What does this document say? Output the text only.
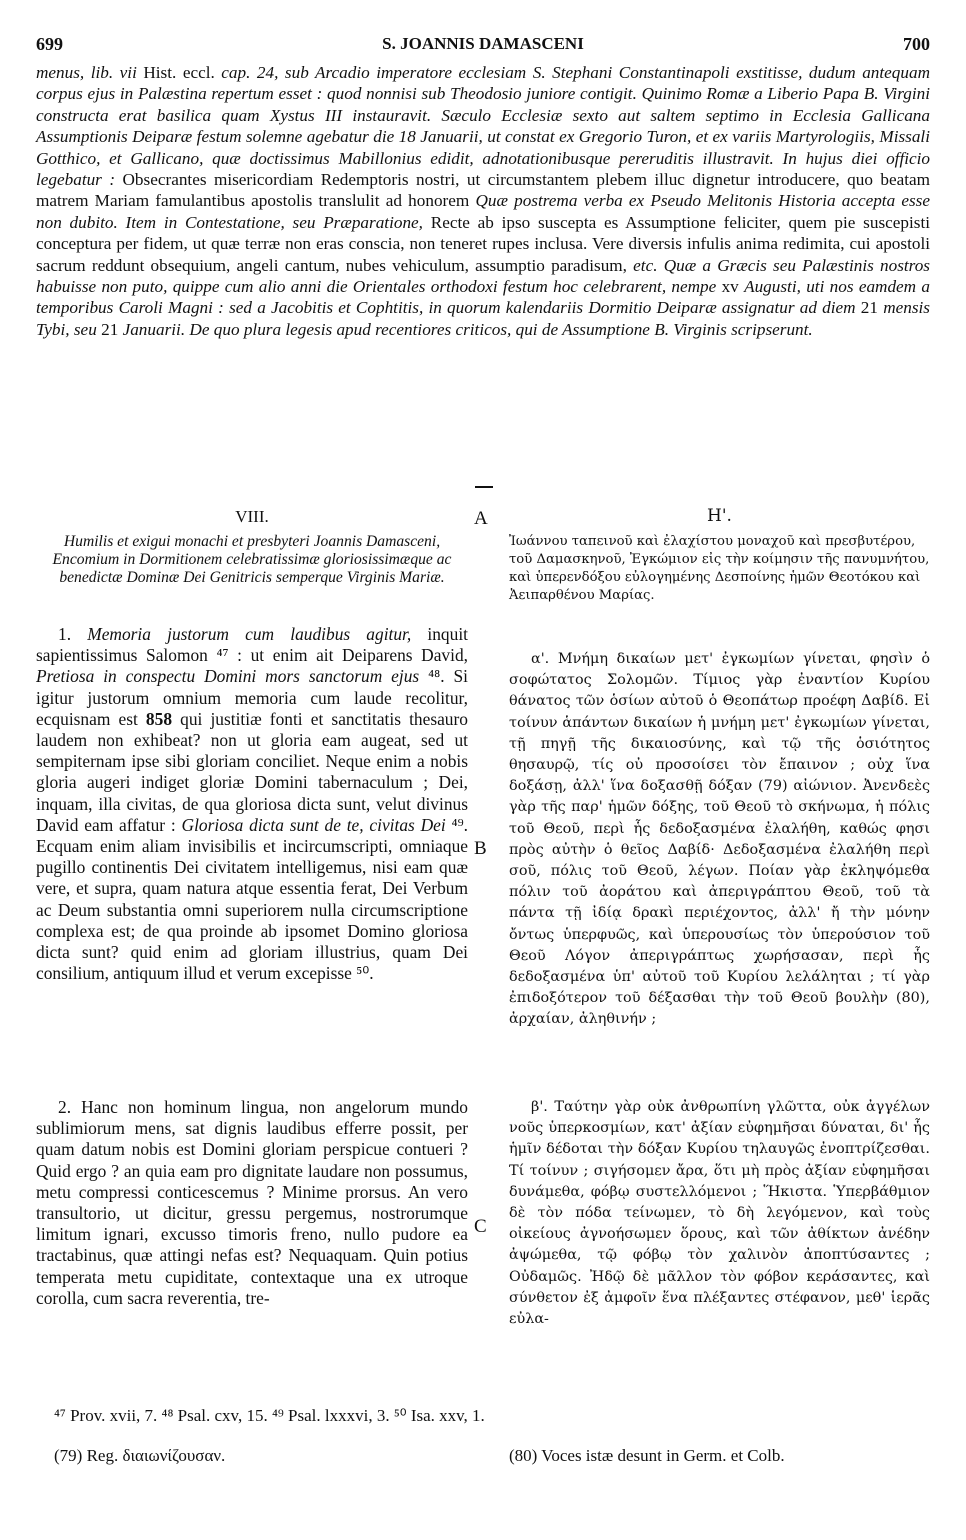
699	S. JOANNIS DAMASCENI	700
menus, lib. vii Hist. eccl. cap. 24, sub Arcadio imperatore ecclesiam S. Stephani Constantinapoli exstitisse, dudum antequam corpus ejus in Palæstina repertum esset : quod nonnisi sub Theodosio juniore contigit. Quinimo Romæ a Liberio Papa B. Virgini constructa erat basilica quam Xystus III instauravit. Sæculo Ecclesiæ sexto aut saltem septimo in Ecclesia Gallicana Assumptionis Deiparæ festum solemne agebatur die 18 Januarii, ut constat ex Gregorio Turon, et ex variis Martyrologiis, Missali Gotthico, et Gallicano, quæ doctissimus Mabillonius edidit, adnotationibusque pereruditis illustravit. In hujus diei officio legebatur : Obsecrantes misericordiam Redemptoris nostri, ut circumstantem plebem illuc dignetur introducere, quo beatam matrem Mariam famulantibus apostolis translulit ad honorem Quæ postrema verba ex Pseudo Melitonis Historia accepta esse non dubito. Item in Contestatione, seu Præparatione, Recte ab ipso suscepta es Assumptione feliciter, quem pie suscepisti conceptura per fidem, ut quæ terræ non eras conscia, non teneret rupes inclusa. Vere diversis infulis anima redimita, cui apostoli sacrum reddunt obsequium, angeli cantum, nubes vehiculum, assumptio paradisum, etc. Quæ a Græcis seu Palæstinis nostros habuisse non puto, quippe cum alio anni die Orientales orthodoxi festum hoc celebrarent, nempe xv Augusti, uti nos eamdem a temporibus Caroli Magni : sed a Jacobitis et Cophtitis, in quorum kalendariis Dormitio Deiparæ assignatur ad diem 21 mensis Tybi, seu 21 Januarii. De quo plura legesis apud recentiores criticos, qui de Assumptione B. Virginis scripserunt.
VIII.
Humilis et exigui monachi et presbyteri Joannis Damasceni, Encomium in Dormitionem celebratissimæ gloriosissimæque ac benedictæ Dominæ Dei Genitricis semperque Virginis Mariæ.

1. Memoria justorum cum laudibus agitur, inquit sapientissimus Salomon ⁴⁷ : ut enim ait Deiparens David, Pretiosa in conspectu Domini mors sanctorum ejus ⁴⁸. Si igitur justorum omnium memoria cum laude recolitur, ecquisnam est 858 qui justitiæ fonti et sanctitatis thesauro laudem non exhibeat? non ut gloria eam augeat, sed ut sempiternam ipse sibi gloriam conciliet. Neque enim a nobis gloria augeri indiget gloriæ Domini tabernaculum ; Dei, inquam, illa civitas, de qua gloriosa dicta sunt, velut divinus David eam affatur : Gloriosa dicta sunt de te, civitas Dei ⁴⁹. Ecquam enim aliam invisibilis et incircumscripti, omniaque pugillo continentis Dei civitatem intelligemus, nisi eam quæ vere, et supra, quam natura atque essentia ferat, Dei Verbum ac Deum substantia omni superiorem nulla circumscriptione complexa est; de qua proinde ab ipsomet Domino gloriosa dicta sunt? quid enim ad gloriam illustrius, quam Dei consilium, antiquum illud et verum excepisse ⁵⁰.

2. Hanc non hominum lingua, non angelorum mundo sublimiorum mens, sat dignis laudibus efferre possit, per quam datum nobis est Domini gloriam perspicue contueri ? Quid ergo ? an quia eam pro dignitate laudare non possumus, metu compressi conticescemus ? Minime prorsus. An vero transultorio, ut dicitur, gressu pergemus, nostrorumque limitum ignari, excusso timoris freno, nullo pudore ea tractabinus, quæ attingi nefas est? Nequaquam. Quin potius temperata metu cupiditate, contextaque una ex utroque corolla, cum sacra reverentia, tre-

Η'.
Ἰωάννου ταπεινοῦ καὶ ἐλαχίστου μοναχοῦ καὶ πρεσβυτέρου, τοῦ Δαμασκηνοῦ, Ἐγκώμιον εἰς τὴν κοίμησιν τῆς πανυμνήτου, καὶ ὑπερενδόξου εὐλογημένης Δεσποίνης ἡμῶν Θεοτόκου καὶ Ἀειπαρθένου Μαρίας.

α'. Μνήμη δικαίων μετ' ἐγκωμίων γίνεται, φησὶν ὁ σοφώτατος Σολομῶν. Τίμιος γὰρ ἐναντίον Κυρίου θάνατος τῶν ὁσίων αὐτοῦ ὁ Θεοπάτωρ προέφη Δαβίδ. Εἰ τοίνυν ἁπάντων δικαίων ἡ μνήμη μετ' ἐγκωμίων γίνεται, τῇ πηγῇ τῆς δικαιοσύνης, καὶ τῷ τῆς ὁσιότητος θησαυρῷ, τίς οὐ προσοίσει τὸν ἔπαινον ; οὐχ ἵνα δοξάσῃ, ἀλλ' ἵνα δοξασθῇ δόξαν (79) αἰώνιον. Ἀνενδεὲς γὰρ τῆς παρ' ἡμῶν δόξης, τοῦ Θεοῦ τὸ σκήνωμα, ἡ πόλις τοῦ Θεοῦ, περὶ ἧς δεδοξασμένα ἐλαλήθη, καθώς φησι πρὸς αὐτὴν ὁ θεῖος Δαβίδ· Δεδοξασμένα ἐλαλήθη περὶ σοῦ, πόλις τοῦ Θεοῦ, λέγων. Ποίαν γὰρ ἐκληψόμεθα πόλιν τοῦ ἀοράτου καὶ ἀπεριγράπτου Θεοῦ, τοῦ τὰ πάντα τῇ ἰδίᾳ δρακὶ περιέχοντος, ἀλλ' ἤ τὴν μόνην ὄντως ὑπερφυῶς, καὶ ὑπερουσίως τὸν ὑπερούσιον τοῦ Θεοῦ Λόγον ἀπεριγράπτως χωρήσασαν, περὶ ἧς δεδοξασμένα ὑπ' αὐτοῦ τοῦ Κυρίου λελάληται ; τί γὰρ ἐπιδοξότερον τοῦ δέξασθαι τὴν τοῦ Θεοῦ βουλὴν (80), ἀρχαίαν, ἀληθινήν ;

β'. Ταύτην γὰρ οὐκ ἀνθρωπίνη γλῶττα, οὐκ ἀγγέλων νοῦς ὑπερκοσμίων, κατ' ἀξίαν εὐφημῆσαι δύναται, δι' ἧς ἡμῖν δέδοται τὴν δόξαν Κυρίου τηλαυγῶς ἐνοπτρίζεσθαι. Τί τοίνυν ; σιγήσομεν ἄρα, ὅτι μὴ πρὸς ἀξίαν εὐφημῆσαι δυνάμεθα, φόβῳ συστελλόμενοι ; Ἥκιστα. Ὑπερβάθμιον δὲ τὸν πόδα τείνωμεν, τὸ δὴ λεγόμενον, καὶ τοὺς οἰκείους ἀγνοήσωμεν ὅρους, καὶ τῶν ἀθίκτων ἀνέδην ἀψώμεθα, τῷ φόβῳ τὸν χαλινὸν ἀποπτύσαντες ; Οὐδαμῶς. Ἠδῷ δὲ μᾶλλον τὸν φόβον κεράσαντες, καὶ σύνθετον ἐξ ἀμφοῖν ἕνα πλέξαντες στέφανον, μεθ' ἱερᾶς εὐλα-

A
B
C
⁴⁷ Prov. xvii, 7. ⁴⁸ Psal. cxv, 15. ⁴⁹ Psal. lxxxvi, 3. ⁵⁰ Isa. xxv, 1.
(79) Reg. διαιωνίζουσαν.	(80) Voces istæ desunt in Germ. et Colb.
